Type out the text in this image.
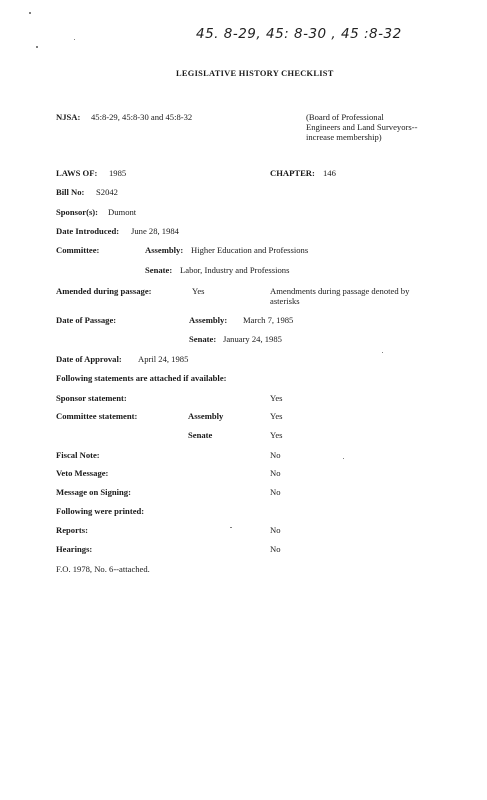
45. 8-29, 45: 8-30 , 45 :8-32
LEGISLATIVE HISTORY CHECKLIST
NJSA: 45:8-29, 45:8-30 and 45:8-32	(Board of Professional Engineers and Land Surveyors--increase membership)
LAWS OF: 1985	CHAPTER: 146
Bill No: S2042
Sponsor(s): Dumont
Date Introduced: June 28, 1984
Committee:	Assembly: Higher Education and Professions
Senate: Labor, Industry and Professions
Amended during passage:	Yes	Amendments during passage denoted by asterisks
Date of Passage:	Assembly: March 7, 1985
Senate: January 24, 1985
Date of Approval: April 24, 1985
Following statements are attached if available:
Sponsor statement:	Yes
Committee statement:	Assembly	Yes
Senate	Yes
Fiscal Note:	No
Veto Message:	No
Message on Signing:	No
Following were printed:
Reports:	No
Hearings:	No
F.O. 1978, No. 6--attached.
